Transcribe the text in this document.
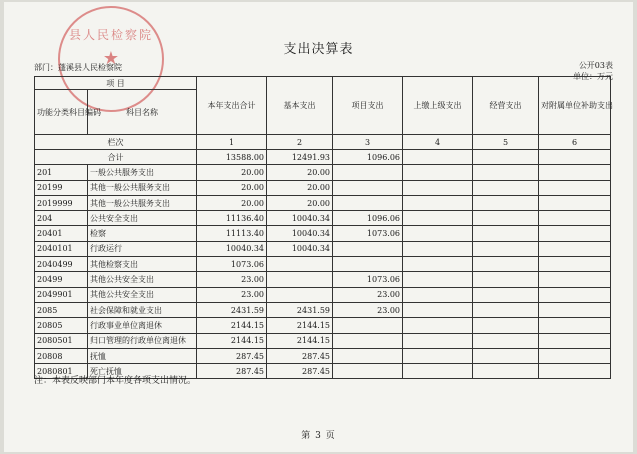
县人民检察院
★	支出决算表
部门：蓬溪县人民检察院	公开03表
单位：万元
项 目		本年支出合计	基本支出	项目支出	上缴上级支出	经营支出	对附属单位补助支出
功能分类科目编码	科目名称						
栏次		1	2	3	4	5	6
合计		13588.00	12491.93	1096.06			
201	一般公共服务支出	20.00	20.00				
20199	其他一般公共服务支出	20.00	20.00				
2019999	其他一般公共服务支出	20.00	20.00				
204	公共安全支出	11136.40	10040.34	1096.06			
20401	检察	11113.40	10040.34	1073.06			
2040101	行政运行	10040.34	10040.34				
2040499	其他检察支出	1073.06					
20499	其他公共安全支出	23.00		1073.06			
2049901	其他公共安全支出	23.00		23.00			
2085	社会保障和就业支出	2431.59	2431.59	23.00			
20805	行政事业单位离退休	2144.15	2144.15				
2080501	归口管理的行政单位离退休	2144.15	2144.15				
20808	抚恤	287.45	287.45				
2080801	死亡抚恤	287.45	287.45				
注：本表反映部门本年度各项支出情况。
第 3 页
